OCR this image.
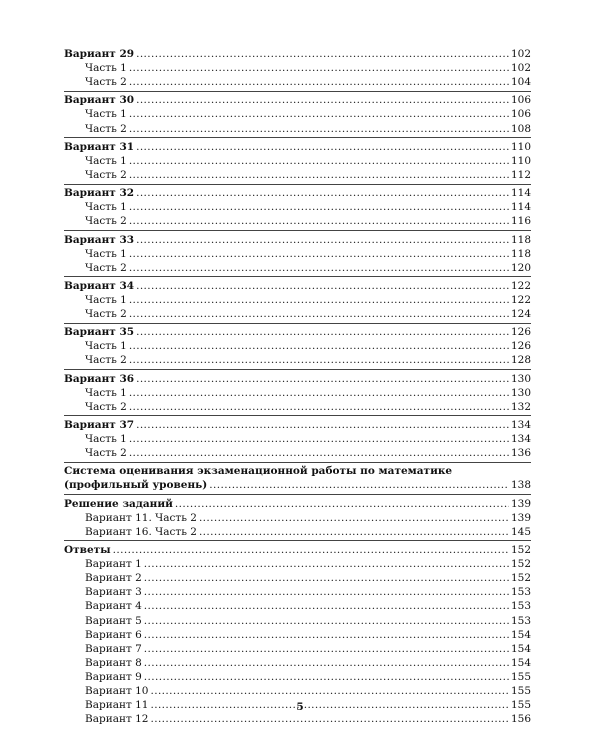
Вариант 29 .....	102
Часть 1 .....	102
Часть 2 .....	104
Вариант 30 .....	106
Часть 1 .....	106
Часть 2 .....	108
Вариант 31 .....	110
Часть 1 .....	110
Часть 2 .....	112
Вариант 32 .....	114
Часть 1 .....	114
Часть 2 .....	116
Вариант 33 .....	118
Часть 1 .....	118
Часть 2 .....	120
Вариант 34 .....	122
Часть 1 .....	122
Часть 2 .....	124
Вариант 35 .....	126
Часть 1 .....	126
Часть 2 .....	128
Вариант 36 .....	130
Часть 1 .....	130
Часть 2 .....	132
Вариант 37 .....	134
Часть 1 .....	134
Часть 2 .....	136
Система оценивания экзаменационной работы по математике
(профильный уровень) .....	138
Решение заданий .....	139
Вариант 11. Часть 2 .....	139
Вариант 16. Часть 2 .....	145
Ответы .....	152
Вариант 1 .....	152
Вариант 2 .....	152
Вариант 3 .....	153
Вариант 4 .....	153
Вариант 5 .....	153
Вариант 6 .....	154
Вариант 7 .....	154
Вариант 8 .....	154
Вариант 9 .....	155
Вариант 10 .....	155
Вариант 11 .....	155
Вариант 12 .....	156
5
